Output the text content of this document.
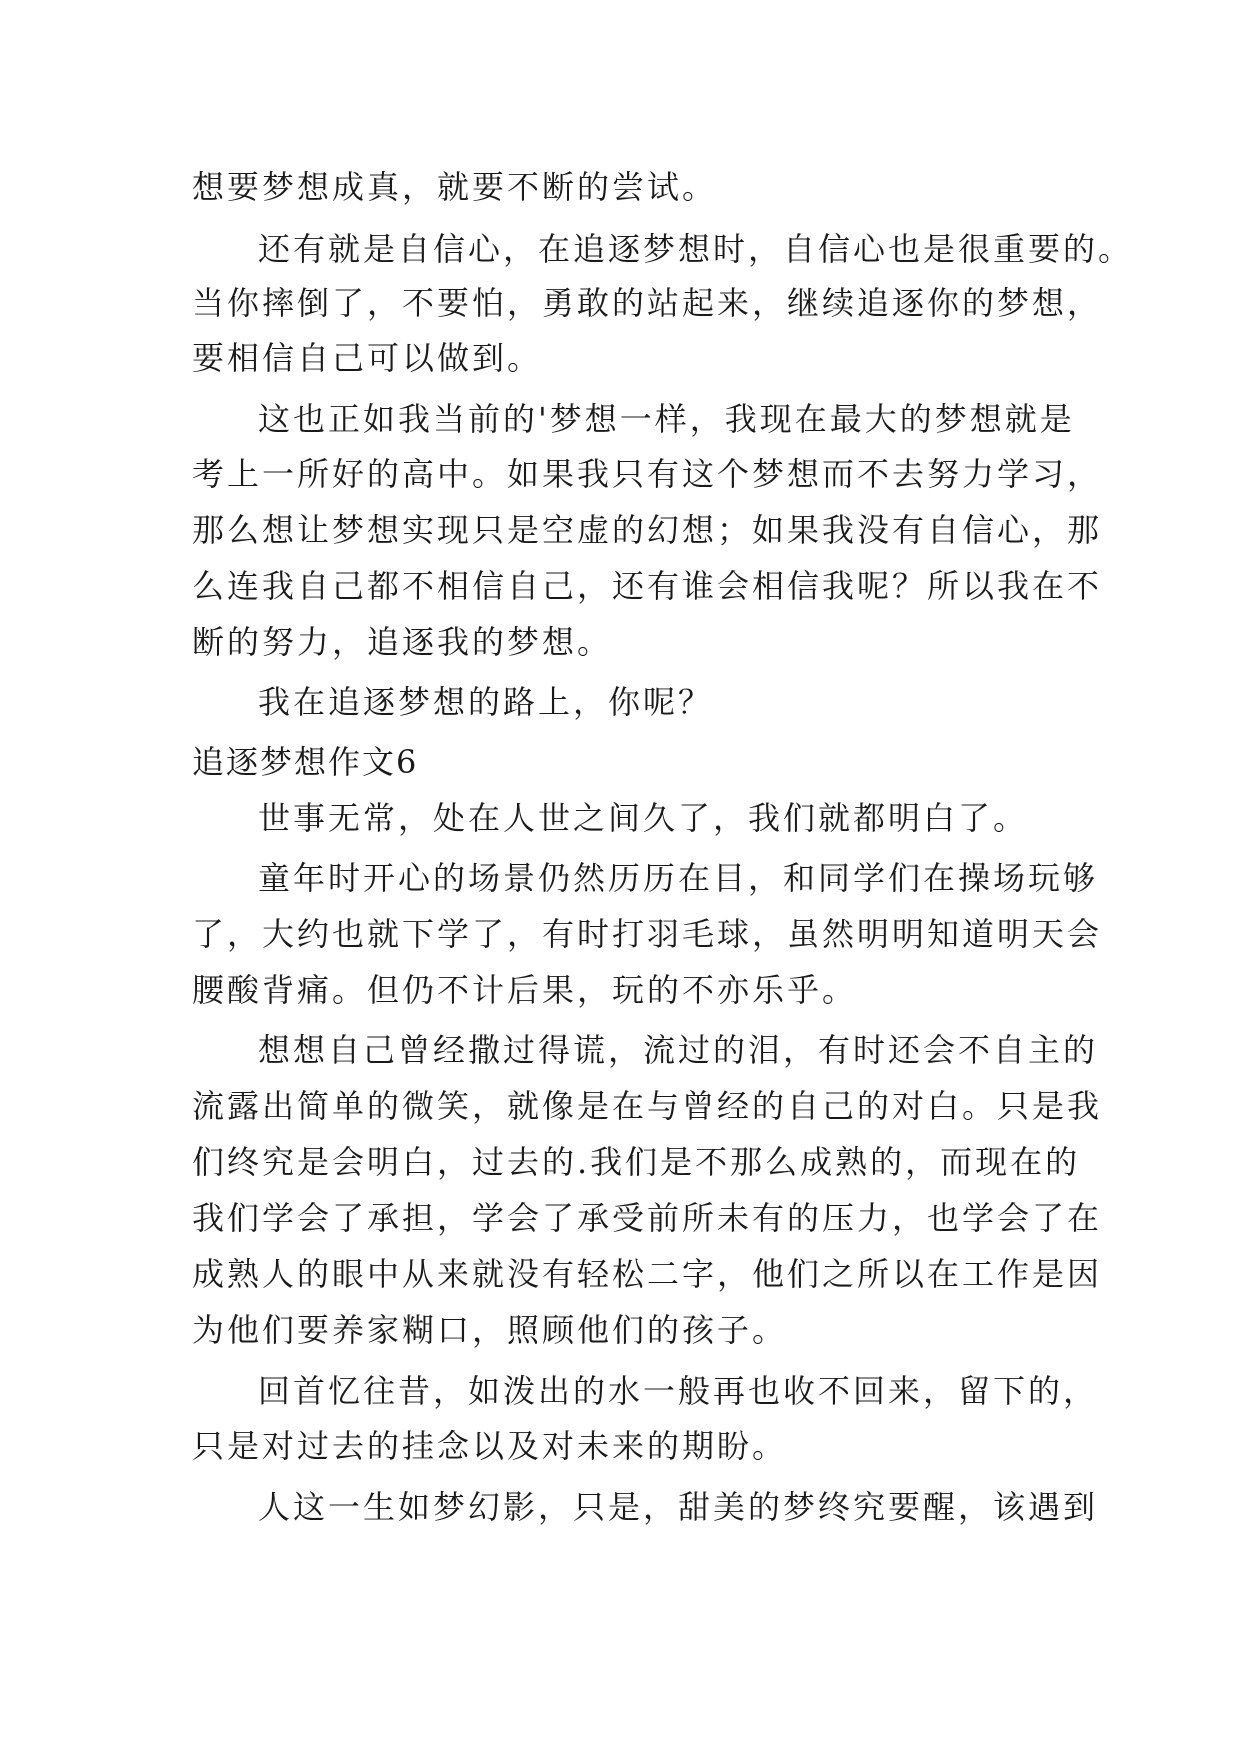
想要梦想成真，就要不断的尝试。
还有就是自信心，在追逐梦想时，自信心也是很重要的。
当你摔倒了，不要怕，勇敢的站起来，继续追逐你的梦想，
要相信自己可以做到。
这也正如我当前的'梦想一样，我现在最大的梦想就是
考上一所好的高中。如果我只有这个梦想而不去努力学习，
那么想让梦想实现只是空虚的幻想；如果我没有自信心，那
么连我自己都不相信自己，还有谁会相信我呢？所以我在不
断的努力，追逐我的梦想。
我在追逐梦想的路上，你呢？
追逐梦想作文6
世事无常，处在人世之间久了，我们就都明白了。
童年时开心的场景仍然历历在目，和同学们在操场玩够
了，大约也就下学了，有时打羽毛球，虽然明明知道明天会
腰酸背痛。但仍不计后果，玩的不亦乐乎。
想想自己曾经撒过得谎，流过的泪，有时还会不自主的
流露出简单的微笑，就像是在与曾经的自己的对白。只是我
们终究是会明白，过去的.我们是不那么成熟的，而现在的
我们学会了承担，学会了承受前所未有的压力，也学会了在
成熟人的眼中从来就没有轻松二字，他们之所以在工作是因
为他们要养家糊口，照顾他们的孩子。
回首忆往昔，如泼出的水一般再也收不回来，留下的，
只是对过去的挂念以及对未来的期盼。
人这一生如梦幻影，只是，甜美的梦终究要醒，该遇到
